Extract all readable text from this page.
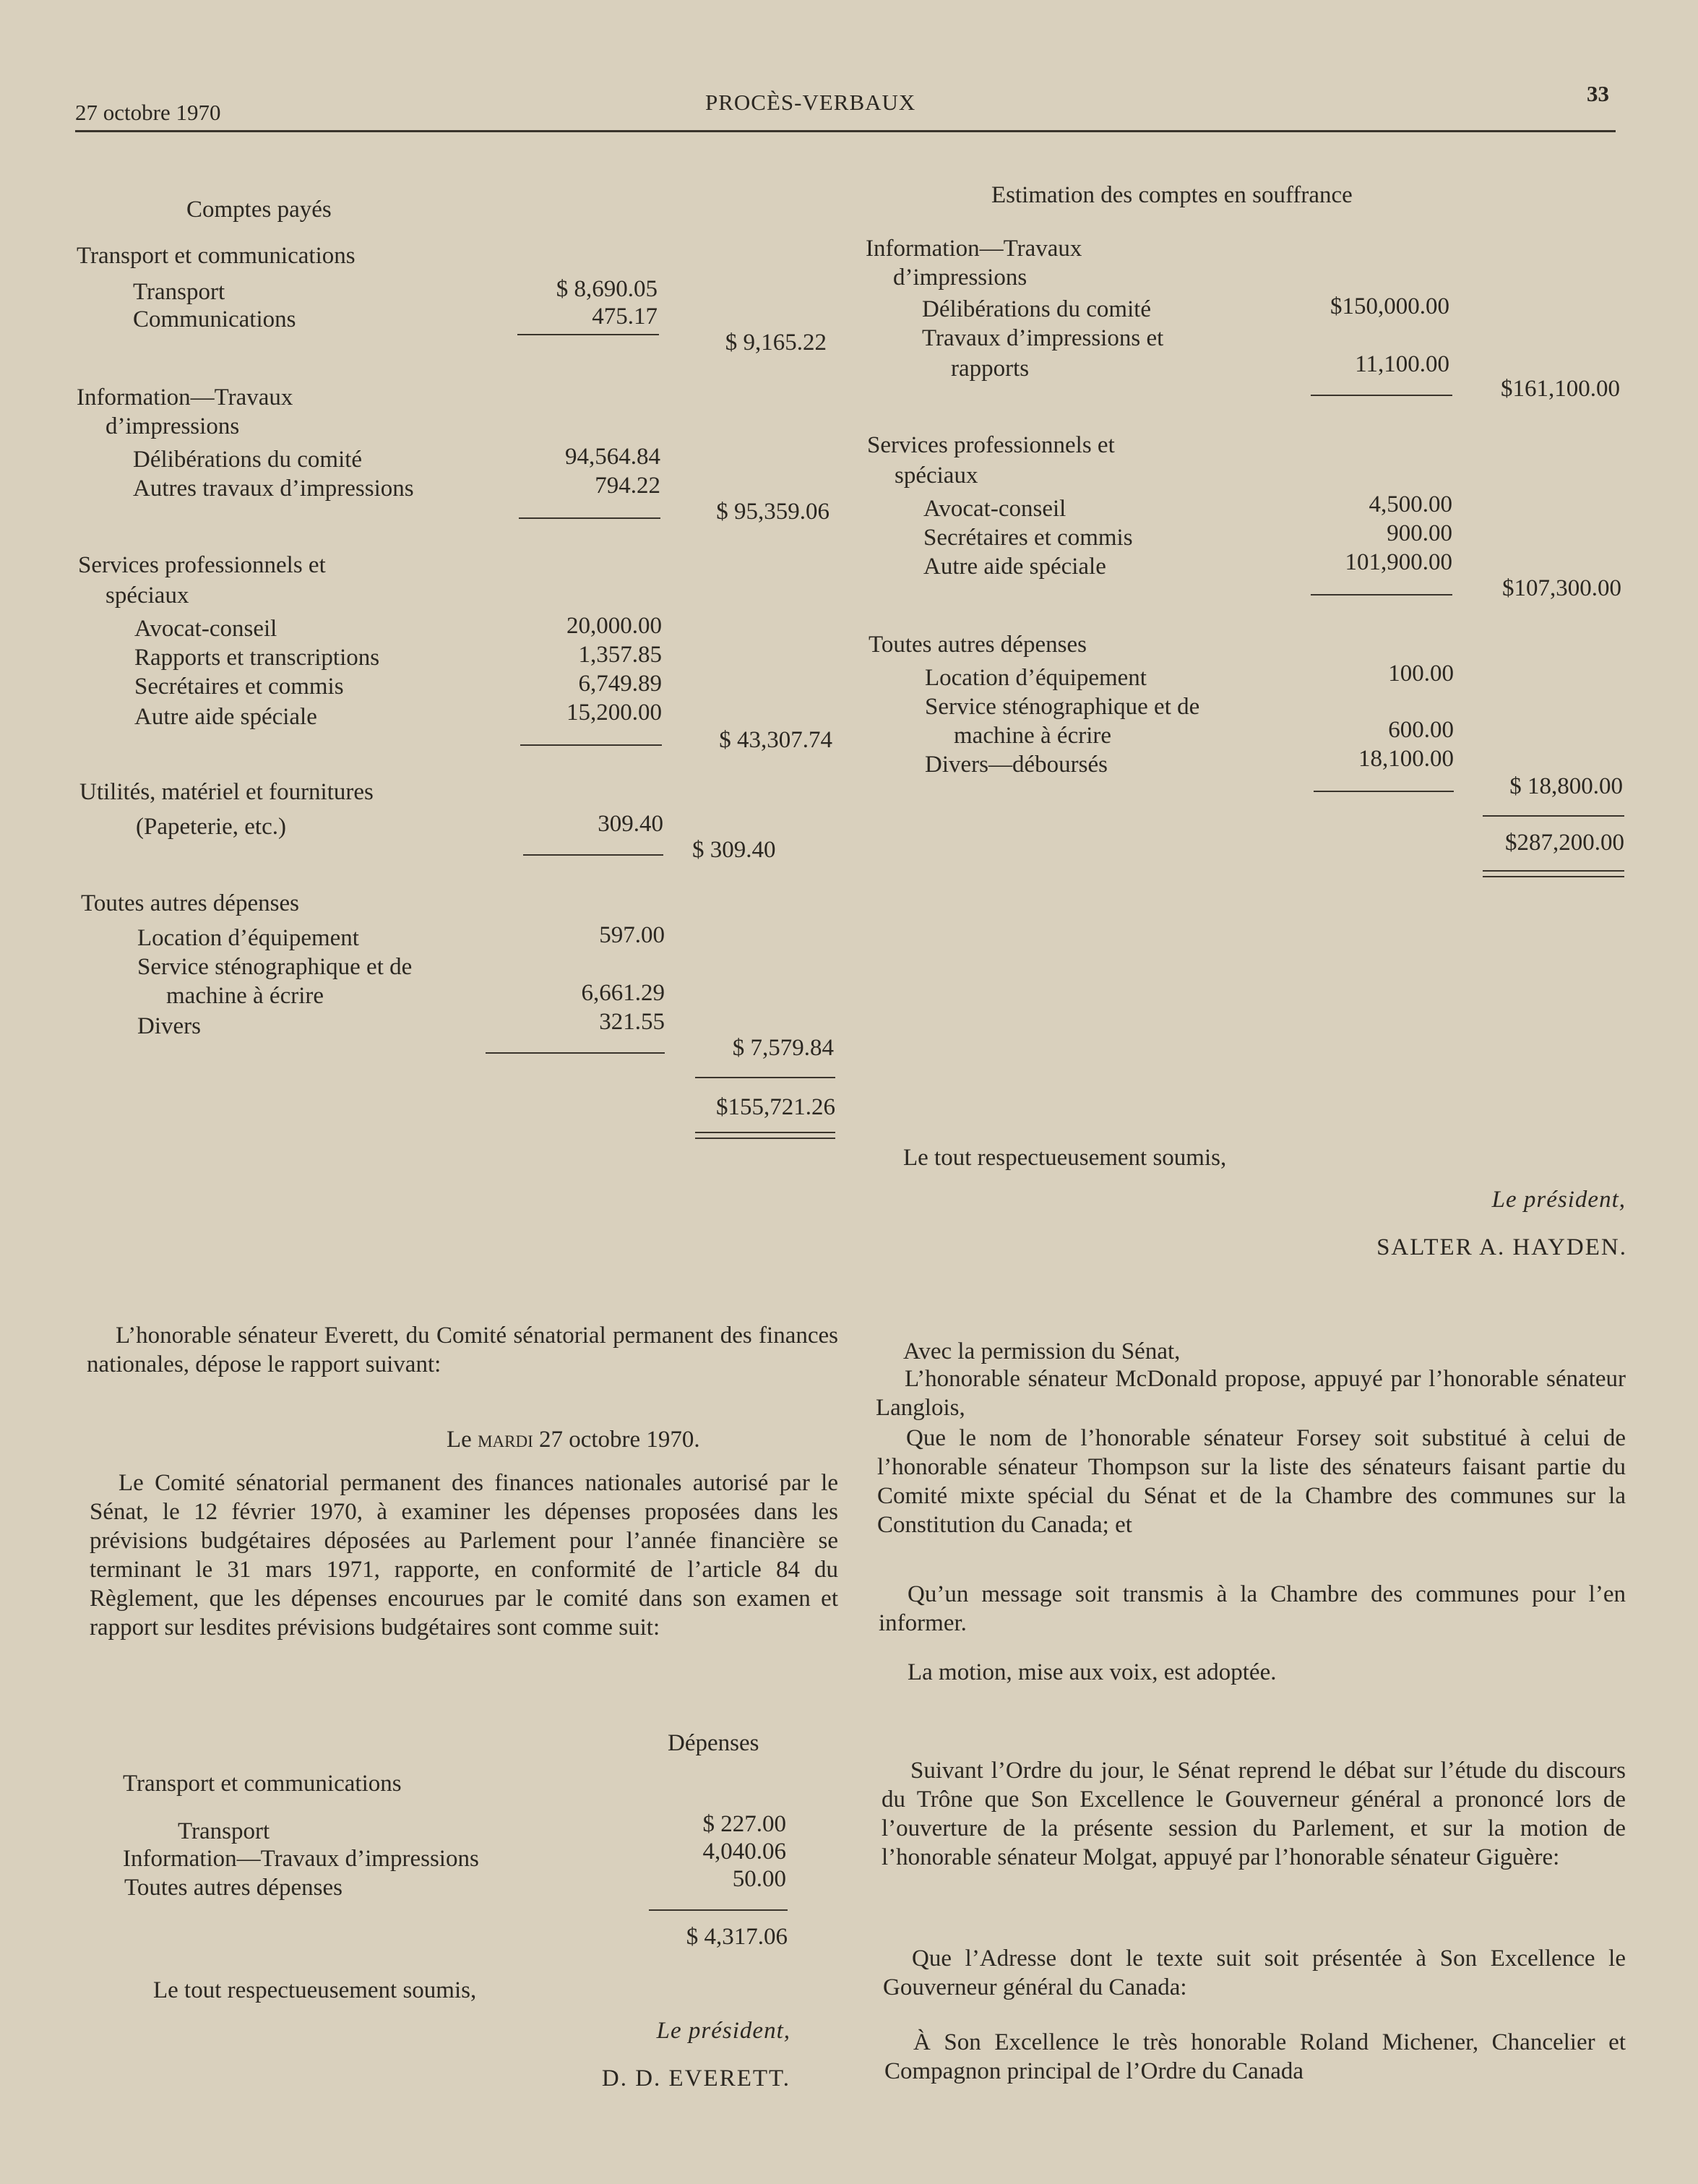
27 octobre 1970	PROCÈS-VERBAUX	33
Comptes payés
Transport et communications
Transport	$ 8,690.05
Communications	475.17
$ 9,165.22
Information—Travaux
d’impressions
Délibérations du comité	94,564.84
Autres travaux d’impressions	794.22
$ 95,359.06
Services professionnels et
spéciaux
Avocat-conseil	20,000.00
Rapports et transcriptions	1,357.85
Secrétaires et commis	6,749.89
Autre aide spéciale	15,200.00
$ 43,307.74
Utilités, matériel et fournitures
(Papeterie, etc.)	309.40
$ 309.40
Toutes autres dépenses
Location d’équipement	597.00
Service sténographique et de
machine à écrire	6,661.29
Divers	321.55
$ 7,579.84
$155,721.26
Estimation des comptes en souffrance
Information—Travaux
d’impressions
Délibérations du comité	$150,000.00
Travaux d’impressions et
rapports	11,100.00
$161,100.00
Services professionnels et
spéciaux
Avocat-conseil	4,500.00
Secrétaires et commis	900.00
Autre aide spéciale	101,900.00
$107,300.00
Toutes autres dépenses
Location d’équipement	100.00
Service sténographique et de
machine à écrire	600.00
Divers—déboursés	18,100.00
$ 18,800.00
$287,200.00
Le tout respectueusement soumis,
Le président,
SALTER A. HAYDEN.
L’honorable sénateur Everett, du Comité sénatorial permanent des finances nationales, dépose le rapport suivant:
Le mardi 27 octobre 1970.
Le Comité sénatorial permanent des finances nationales autorisé par le Sénat, le 12 février 1970, à examiner les dépenses proposées dans les prévisions budgétaires déposées au Parlement pour l’année financière se terminant le 31 mars 1971, rapporte, en conformité de l’article 84 du Règlement, que les dépenses encourues par le comité dans son examen et rapport sur lesdites prévisions budgétaires sont comme suit:
Dépenses
Transport et communications
Transport	$ 227.00
Information—Travaux d’impressions	4,040.06
Toutes autres dépenses	50.00
$ 4,317.06
Le tout respectueusement soumis,
Le président,
D. D. EVERETT.
Avec la permission du Sénat,
L’honorable sénateur McDonald propose, appuyé par l’honorable sénateur Langlois,
Que le nom de l’honorable sénateur Forsey soit substitué à celui de l’honorable sénateur Thompson sur la liste des sénateurs faisant partie du Comité mixte spécial du Sénat et de la Chambre des communes sur la Constitution du Canada; et
Qu’un message soit transmis à la Chambre des communes pour l’en informer.
La motion, mise aux voix, est adoptée.
Suivant l’Ordre du jour, le Sénat reprend le débat sur l’étude du discours du Trône que Son Excellence le Gouverneur général a prononcé lors de l’ouverture de la présente session du Parlement, et sur la motion de l’honorable sénateur Molgat, appuyé par l’honorable sénateur Giguère:
Que l’Adresse dont le texte suit soit présentée à Son Excellence le Gouverneur général du Canada:
À Son Excellence le très honorable Roland Michener, Chancelier et Compagnon principal de l’Ordre du Canada
